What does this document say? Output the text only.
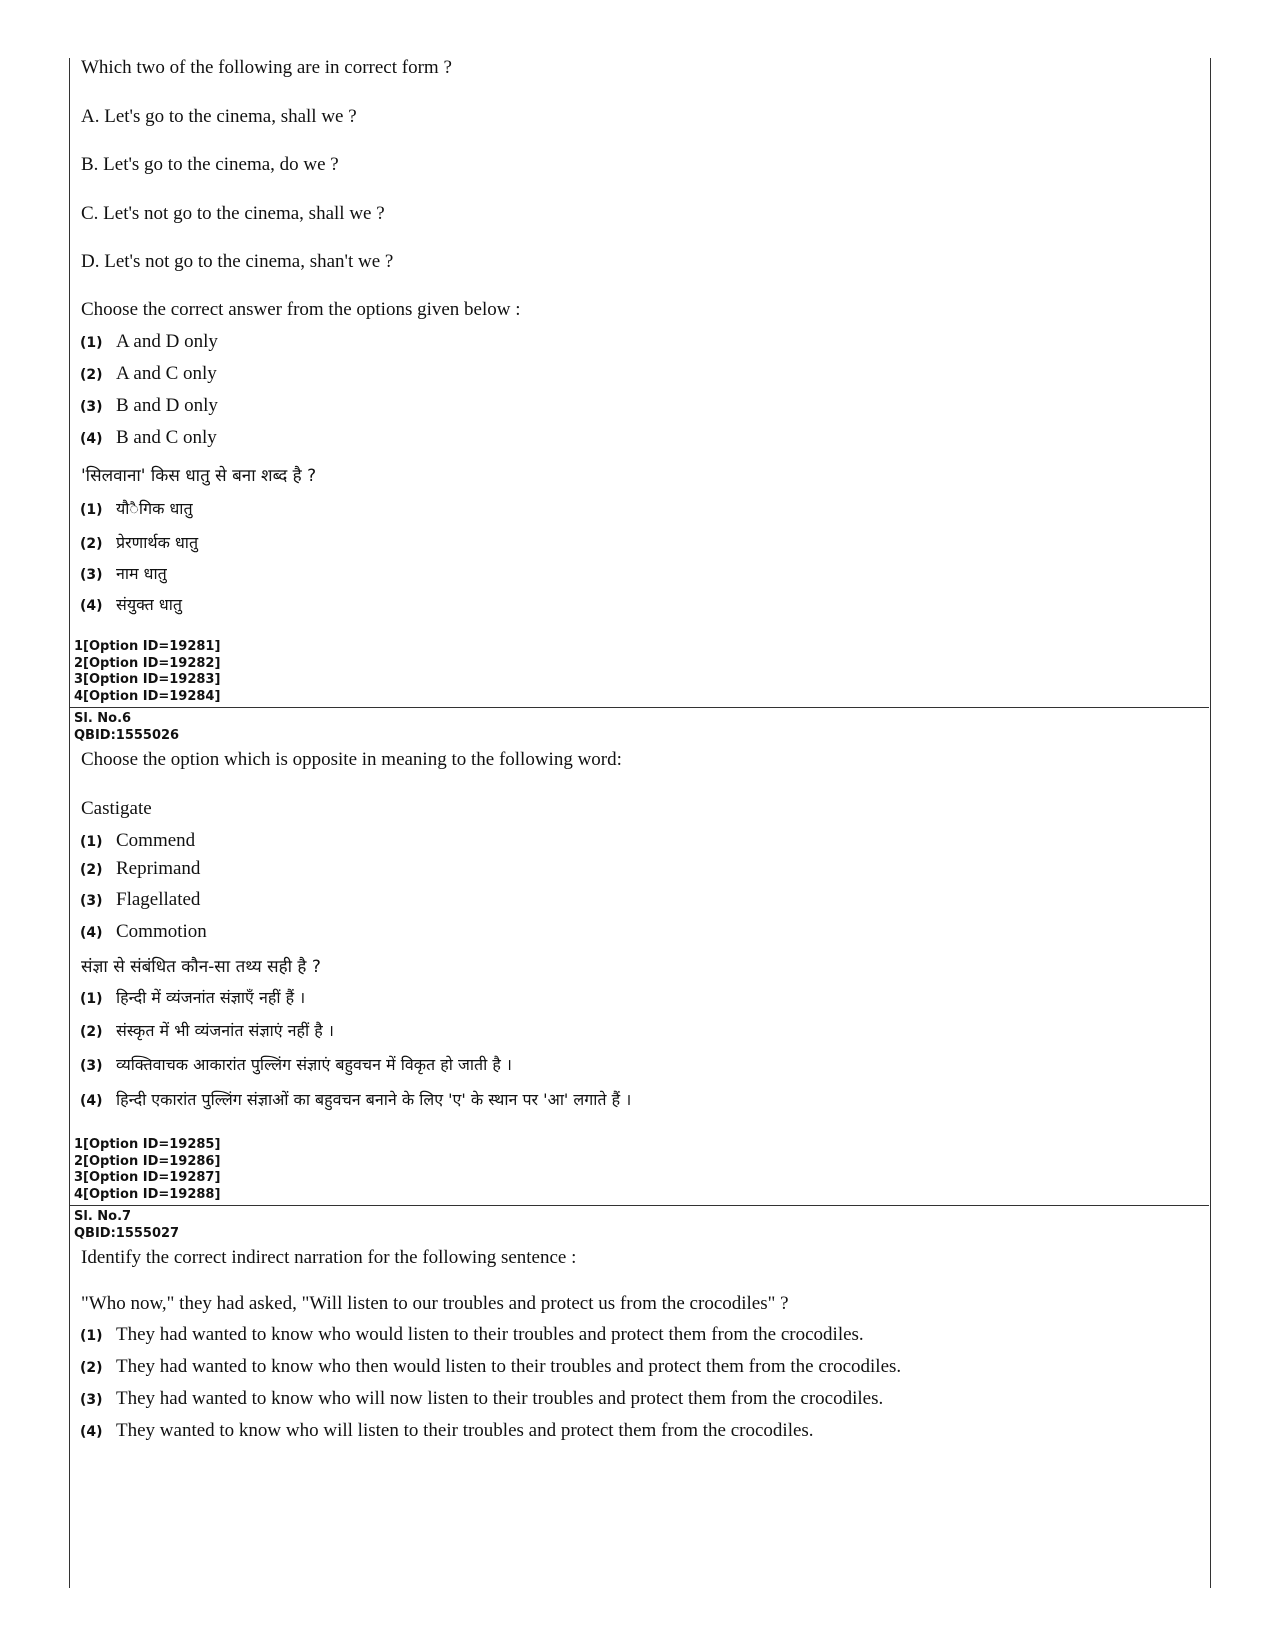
Which two of the following are in correct form ?
A. Let's go to the cinema, shall we ?
B. Let's go to the cinema, do we ?
C. Let's not go to the cinema, shall we ?
D. Let's not go to the cinema, shan't we ?
Choose the correct answer from the options given below :
(1) A and D only
(2) A and C only
(3) B and D only
(4) B and C only
'सिलवाना' किस धातु से बना शब्द है ?
(1) यौ◌ैगिक धातु
(2) प्रेरणार्थक धातु
(3) नाम धातु
(4) संयुक्त धातु
1[Option ID=19281]
2[Option ID=19282]
3[Option ID=19283]
4[Option ID=19284]
Sl. No.6
QBID:1555026
Choose the option which is opposite in meaning to the following word:
Castigate
(1) Commend
(2) Reprimand
(3) Flagellated
(4) Commotion
संज्ञा से संबंधित कौन-सा तथ्य सही है ?
(1) हिन्दी में व्यंजनांत संज्ञाएँ नहीं हैं ।
(2) संस्कृत में भी व्यंजनांत संज्ञाएं नहीं है ।
(3) व्यक्तिवाचक आकारांत पुल्लिंग संज्ञाएं बहुवचन में विकृत हो जाती है ।
(4) हिन्दी एकारांत पुल्लिंग संज्ञाओं का बहुवचन बनाने के लिए 'ए' के स्थान पर 'आ' लगाते हैं ।
1[Option ID=19285]
2[Option ID=19286]
3[Option ID=19287]
4[Option ID=19288]
Sl. No.7
QBID:1555027
Identify the correct indirect narration for the following sentence :
"Who now," they had asked, "Will listen to our troubles and protect us from the crocodiles" ?
(1) They had wanted to know who would listen to their troubles and protect them from the crocodiles.
(2) They had wanted to know who then would listen to their troubles and protect them from the crocodiles.
(3) They had wanted to know who will now listen to their troubles and protect them from the crocodiles.
(4) They wanted to know who will listen to their troubles and protect them from the crocodiles.
